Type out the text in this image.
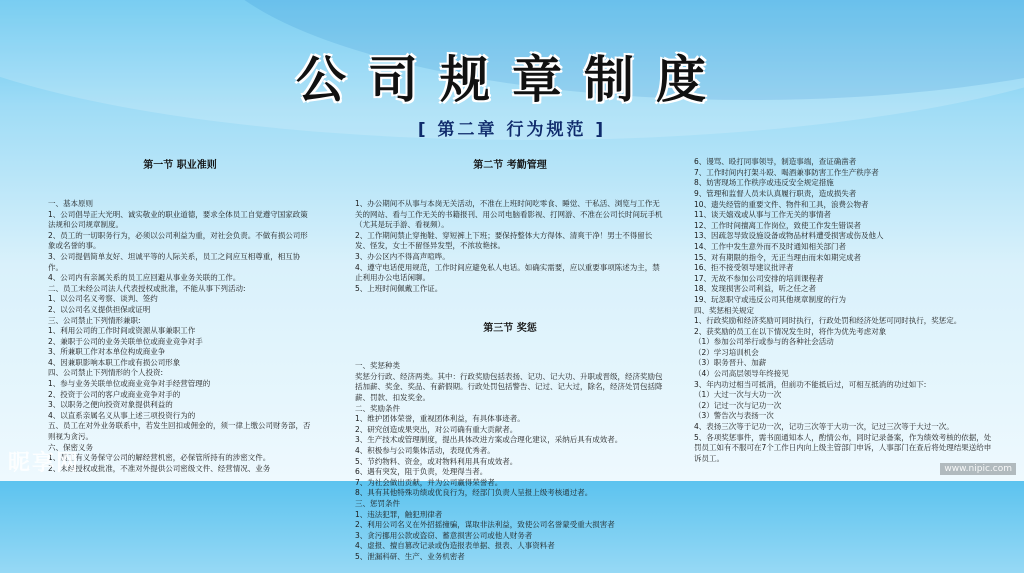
公司规章制度
[ 第二章 行为规范 ]

第一节 职业准则

一、基本原则
1、公司倡导正大光明、诚实敬业的职业道德，要求全体员工自觉遵守国家政策法规和公司规章制度。
2、员工的一切职务行为，必须以公司利益为重，对社会负责。不做有损公司形象或名誉的事。
3、公司提倡简单友好、坦诚平等的人际关系，员工之间应互相尊重，相互协作。
4、公司内有亲属关系的员工应回避从事业务关联的工作。
二、员工未经公司法人代表授权或批准，不能从事下列活动:
1、以公司名义考察、谈判、签约
2、以公司名义提供担保或证明
三、公司禁止下列情形兼职:
1、利用公司的工作时间或资源从事兼职工作
2、兼职于公司的业务关联单位或商业竞争对手
3、所兼职工作对本单位构成商业争
4、因兼职影响本职工作或有损公司形象
四、公司禁止下列情形的个人投资:
1、参与业务关联单位或商业竞争对手经营管理的
2、投资于公司的客户或商业竞争对手的
3、以职务之便向投资对象提供利益的
4、以直系亲属名义从事上述三项投资行为的
五、员工在对外业务联系中，若发生回扣或佣金的，须一律上缴公司财务部，否则视为贪污。
六、保密义务
1、员工有义务保守公司的解经营机密，必保管所持有的涉密文件。
2、未经授权或批准，不准对外提供公司密级文件、经营情况、业务

第二节 考勤管理

1、办公期间不从事与本岗无关活动，不准在上班时间吃零食、睡觉、干私活、浏览与工作无关的网站、看与工作无关的书籍报刊、用公司电脑看影视、打网游、不准在公司长时间玩手机（尤其是玩手游、看视频）。
2、工作期间禁止穿拖鞋、穿短裤上下班；要保持整体大方得体、清爽干净！男士不得留长发、怪发，女士不留怪异发型，不浓妆艳抹。
3、办公区内不得高声喧哗。
4、遵守电话使用规范，工作时间应避免私人电话。如确实需要，应以重要事项陈述为主，禁止利用办公电话闲聊。
5、上班时间佩戴工作证。

第三节 奖惩

一、奖惩种类
奖惩分行政、经济两类。其中：行政奖励包括表扬、记功、记大功、升职或晋级，经济奖励包括加薪、奖金、奖品、有薪假期。行政处罚包括警告、记过、记大过，除名，经济处罚包括降薪、罚款、扣发奖金。
二、奖励条件
1、维护团体荣誉，重视团体利益，有具体事迹者。
2、研究创造成果突出，对公司确有重大贡献者。
3、生产技术或管理制度，提出具体改进方案或合理化建议，采纳后具有成效者。
4、积极参与公司集体活动，表现优秀者。
5、节约物料、资金，或对物料利用具有成效者。
6、遇有突发，阻于负责，处理得当者。
7、为社会做出贡献，并为公司赢得荣誉者。
8、具有其他特殊功绩或优良行为，经部门负责人呈报上级考核通过者。
三、惩罚条件
1、违法犯罪，触犯刑律者
2、利用公司名义在外招摇撞骗，谋取非法利益，致使公司名誉蒙受重大损害者
3、贪污挪用公款或盗窃、蓄意损害公司或他人财务者
4、虚报、擅自篡改记录或伪造报表单据、报表、人事资料者
5、泄漏科研、生产、业务机密者

6、谩骂、殴打同事领导，制造事端，查证确凿者
7、工作时间内打架斗殴、喝酒兼事防害工作生产秩序者
8、妨害现场工作秩序或违反安全规定措施
9、管理和监督人员未认真履行职责，造成损失者
10、遗失经管的重要文件、物件和工具，浪费公物者
11、谈天嬉戏或从事与工作无关的事情者
12、工作时间擅离工作岗位，致使工作发生错误者
13、因疏忽导致设施设备或物品材料遭受损害或伤及他人
14、工作中发生意外而不及时通知相关部门者
15、对有期限的指令，无正当理由而未如期完成者
16、拒不接受领导建议批评者
17、无故不参加公司安排的培训课程者
18、发现损害公司利益，听之任之者
19、玩忽职守或违反公司其他规章制度的行为
四、奖惩相关规定
1、行政奖励和经济奖励可同时执行，行政处罚和经济处惩可同时执行，奖惩定。
2、获奖励的员工在以下情况发生时，将作为优先考虑对象
（1）参加公司举行或参与的各种社会活动
（2）学习培训机会
（3）职务晋升、加薪
（4）公司高层领导年终接见
3、年内功过相当可抵消，但前功不能抵后过，可相互抵消的功过如下:
（1）大过一次与大功一次
（2）记过一次与记功一次
（3）警告次与表扬一次
4、表扬三次等于记功一次，记功三次等于大功一次，记过三次等于大过一次。
5、各项奖惩事件，需书面通知本人，酌情公布，同时记录备案，作为绩效考核的依据，处罚员工如有不服可在7个工作日内向上级主管部门申诉，人事部门在查后将处理结果送给申诉员工。

昵享网	www.nipic.com
